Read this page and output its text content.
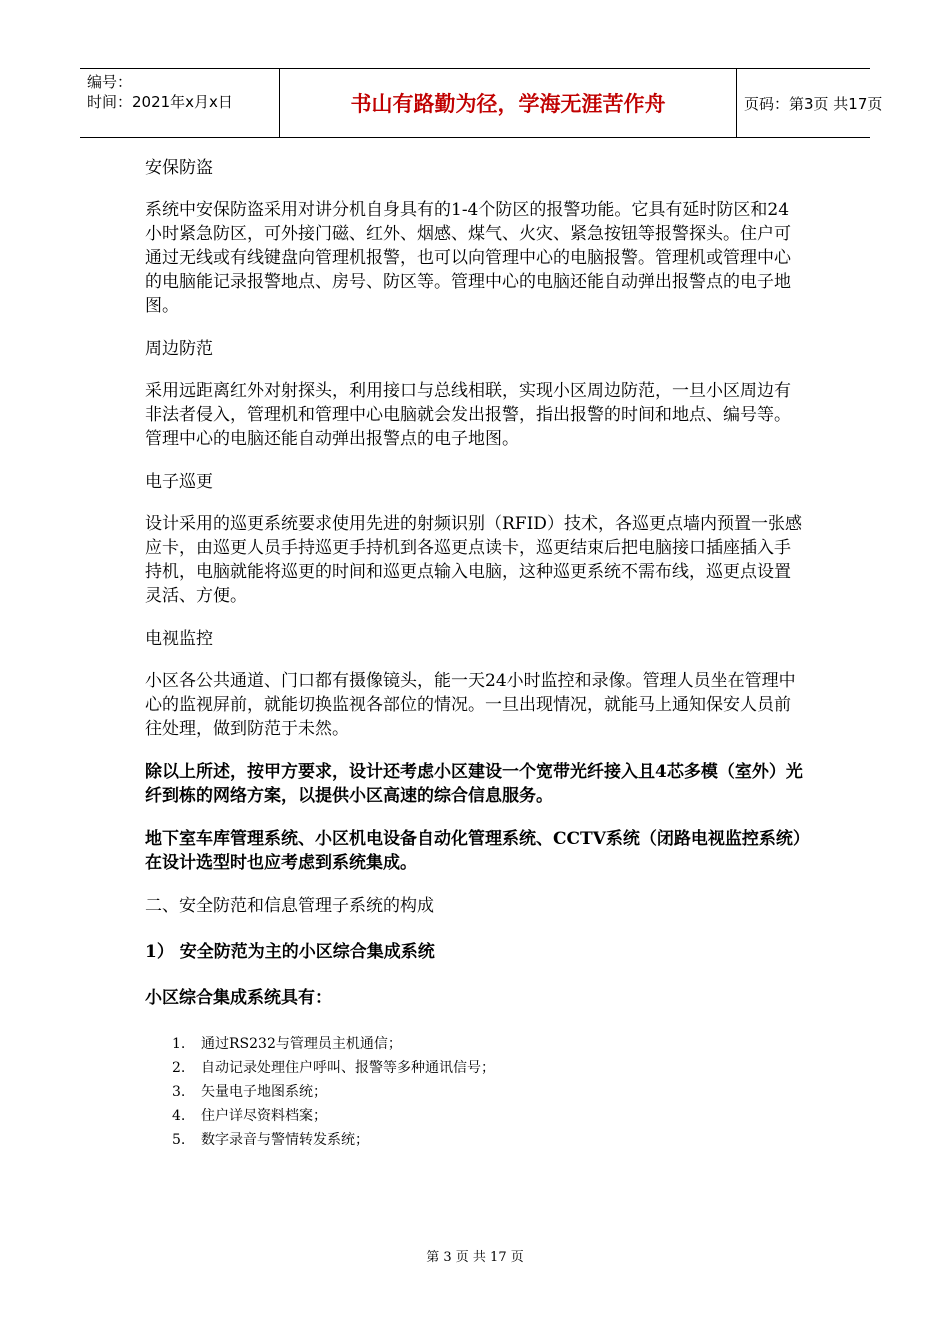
编号：
时间：2021年x月x日	书山有路勤为径，学海无涯苦作舟	页码：第3页 共17页

安保防盗

系统中安保防盗采用对讲分机自身具有的1-4个防区的报警功能。它具有延时防区和24小时紧急防区，可外接门磁、红外、烟感、煤气、火灾、紧急按钮等报警探头。住户可通过无线或有线键盘向管理机报警，也可以向管理中心的电脑报警。管理机或管理中心的电脑能记录报警地点、房号、防区等。管理中心的电脑还能自动弹出报警点的电子地图。

周边防范

采用远距离红外对射探头，利用接口与总线相联，实现小区周边防范，一旦小区周边有非法者侵入，管理机和管理中心电脑就会发出报警，指出报警的时间和地点、编号等。管理中心的电脑还能自动弹出报警点的电子地图。

电子巡更

设计采用的巡更系统要求使用先进的射频识别（RFID）技术，各巡更点墙内预置一张感应卡，由巡更人员手持巡更手持机到各巡更点读卡，巡更结束后把电脑接口插座插入手持机，电脑就能将巡更的时间和巡更点输入电脑，这种巡更系统不需布线，巡更点设置灵活、方便。

电视监控

小区各公共通道、门口都有摄像镜头，能一天24小时监控和录像。管理人员坐在管理中心的监视屏前，就能切换监视各部位的情况。一旦出现情况，就能马上通知保安人员前往处理，做到防范于未然。

除以上所述，按甲方要求，设计还考虑小区建设一个宽带光纤接入且4芯多模（室外）光纤到栋的网络方案，以提供小区高速的综合信息服务。

地下室车库管理系统、小区机电设备自动化管理系统、CCTV系统（闭路电视监控系统）在设计选型时也应考虑到系统集成。

二、安全防范和信息管理子系统的构成

1） 安全防范为主的小区综合集成系统

小区综合集成系统具有：

1.	通过RS232与管理员主机通信；
2.	自动记录处理住户呼叫、报警等多种通讯信号；
3.	矢量电子地图系统；
4.	住户详尽资料档案；
5.	数字录音与警情转发系统；
第 3 页 共 17 页
